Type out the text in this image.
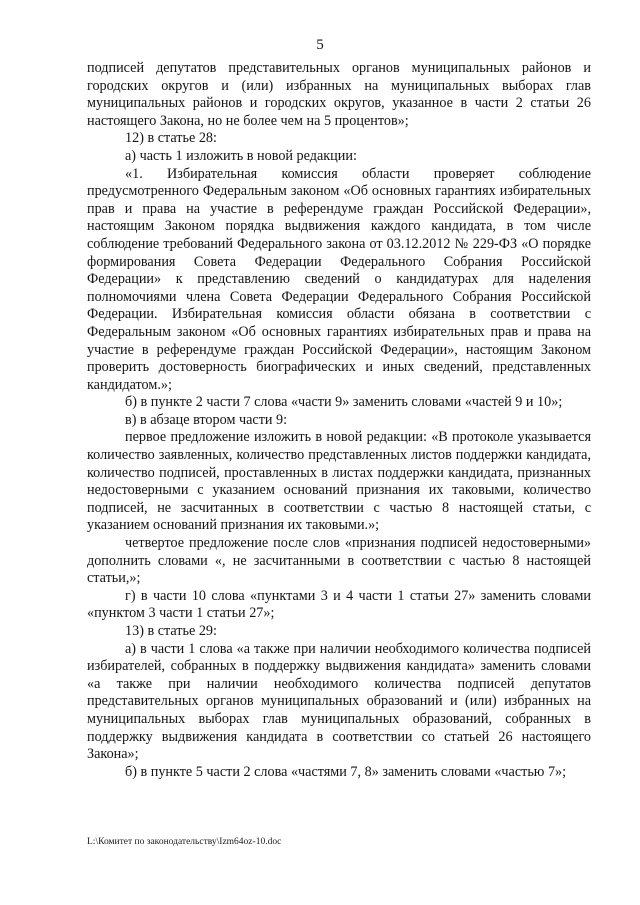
5

подписей депутатов представительных органов муниципальных районов и городских округов и (или) избранных на муниципальных выборах глав муниципальных районов и городских округов, указанное в части 2 статьи 26 настоящего Закона, но не более чем на 5 процентов»;

12) в статье 28:

а) часть 1 изложить в новой редакции:

«1. Избирательная комиссия области проверяет соблюдение предусмотренного Федеральным законом «Об основных гарантиях избирательных прав и права на участие в референдуме граждан Российской Федерации», настоящим Законом порядка выдвижения каждого кандидата, в том числе соблюдение требований Федерального закона от 03.12.2012 № 229-ФЗ «О порядке формирования Совета Федерации Федерального Собрания Российской Федерации» к представлению сведений о кандидатурах для наделения полномочиями члена Совета Федерации Федерального Собрания Российской Федерации. Избирательная комиссия области обязана в соответствии с Федеральным законом «Об основных гарантиях избирательных прав и права на участие в референдуме граждан Российской Федерации», настоящим Законом проверить достоверность биографических и иных сведений, представленных кандидатом.»;

б) в пункте 2 части 7 слова «части 9» заменить словами «частей 9 и 10»;

в) в абзаце втором части 9:

первое предложение изложить в новой редакции: «В протоколе указывается количество заявленных, количество представленных листов поддержки кандидата, количество подписей, проставленных в листах поддержки кандидата, признанных недостоверными с указанием оснований признания их таковыми, количество подписей, не засчитанных в соответствии с частью 8 настоящей статьи, с указанием оснований признания их таковыми.»;

четвертое предложение после слов «признания подписей недостоверными» дополнить словами «, не засчитанными в соответствии с частью 8 настоящей статьи,»;

г) в части 10 слова «пунктами 3 и 4 части 1 статьи 27» заменить словами «пунктом 3 части 1 статьи 27»;

13) в статье 29:

а) в части 1 слова «а также при наличии необходимого количества подписей избирателей, собранных в поддержку выдвижения кандидата» заменить словами «а также при наличии необходимого количества подписей депутатов представительных органов муниципальных образований и (или) избранных на муниципальных выборах глав муниципальных образований, собранных в поддержку выдвижения кандидата в соответствии со статьей 26 настоящего Закона»;

б) в пункте 5 части 2 слова «частями 7, 8» заменить словами «частью 7»;

L:\Комитет по законодательству\Izm64oz-10.doc
